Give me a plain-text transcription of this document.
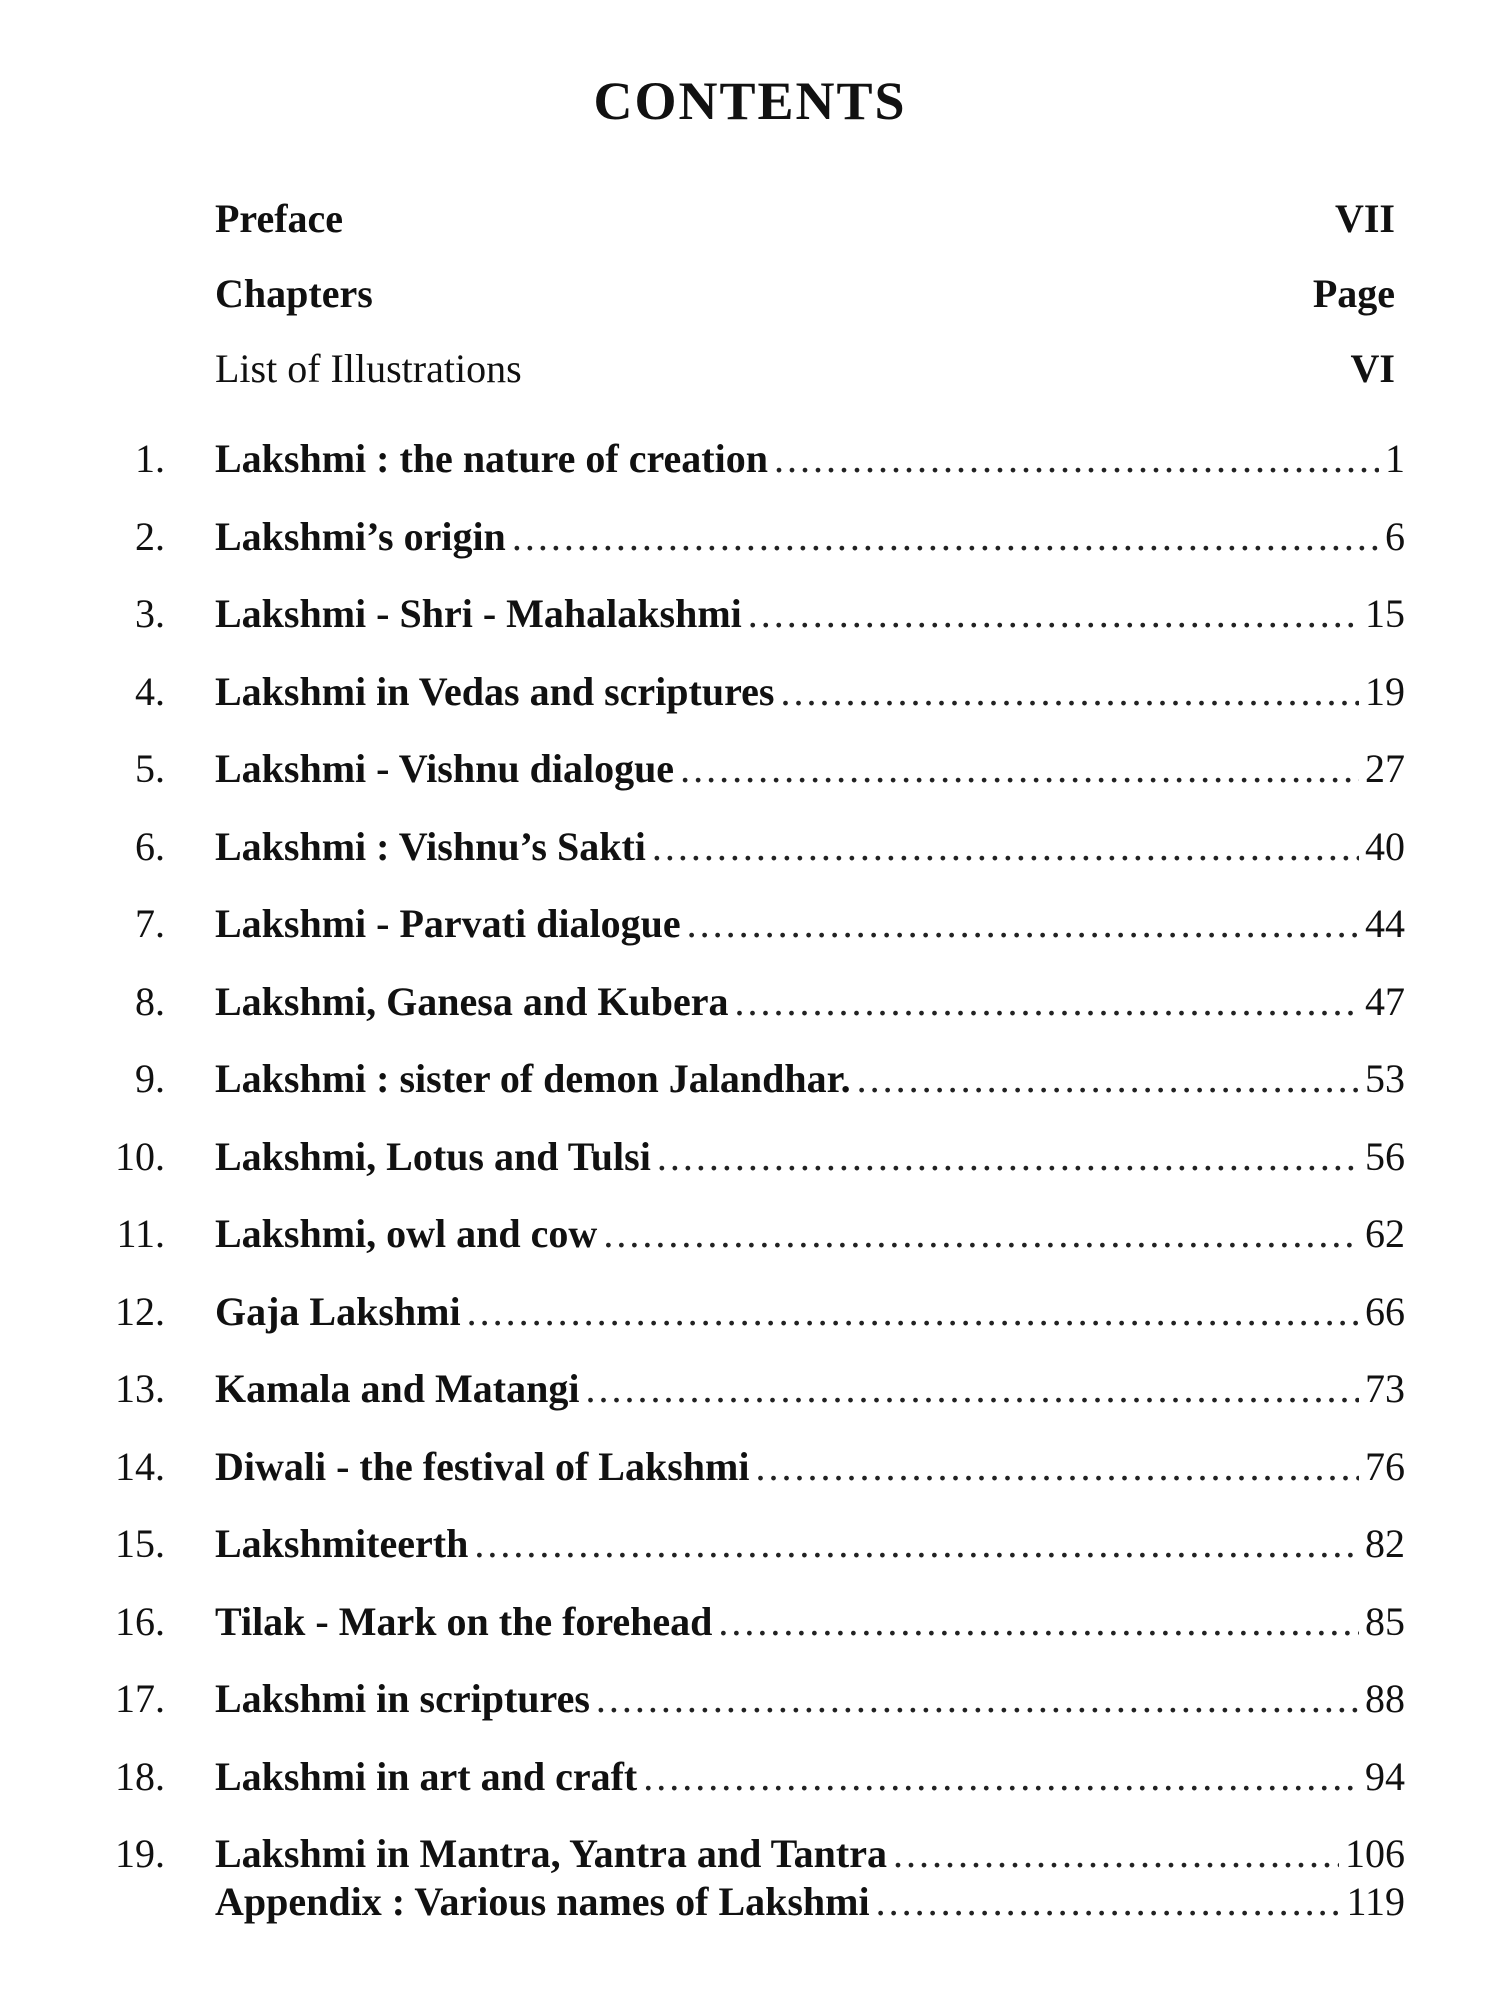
CONTENTS
Preface	VII
Chapters	Page
List of Illustrations	VI
1. Lakshmi : the nature of creation .....	1
2. Lakshmi’s origin .....	6
3. Lakshmi - Shri - Mahalakshmi .....	15
4. Lakshmi in Vedas and scriptures .....	19
5. Lakshmi - Vishnu dialogue .....	27
6. Lakshmi : Vishnu’s Sakti .....	40
7. Lakshmi - Parvati dialogue .....	44
8. Lakshmi, Ganesa and Kubera .....	47
9. Lakshmi : sister of demon Jalandhar. .....	53
10. Lakshmi, Lotus and Tulsi .....	56
11. Lakshmi, owl and cow .....	62
12. Gaja Lakshmi .....	66
13. Kamala and Matangi .....	73
14. Diwali - the festival of Lakshmi .....	76
15. Lakshmiteerth .....	82
16. Tilak - Mark on the forehead .....	85
17. Lakshmi in scriptures .....	88
18. Lakshmi in art and craft .....	94
19. Lakshmi in Mantra, Yantra and Tantra .....	106
Appendix : Various names of Lakshmi .....	119
